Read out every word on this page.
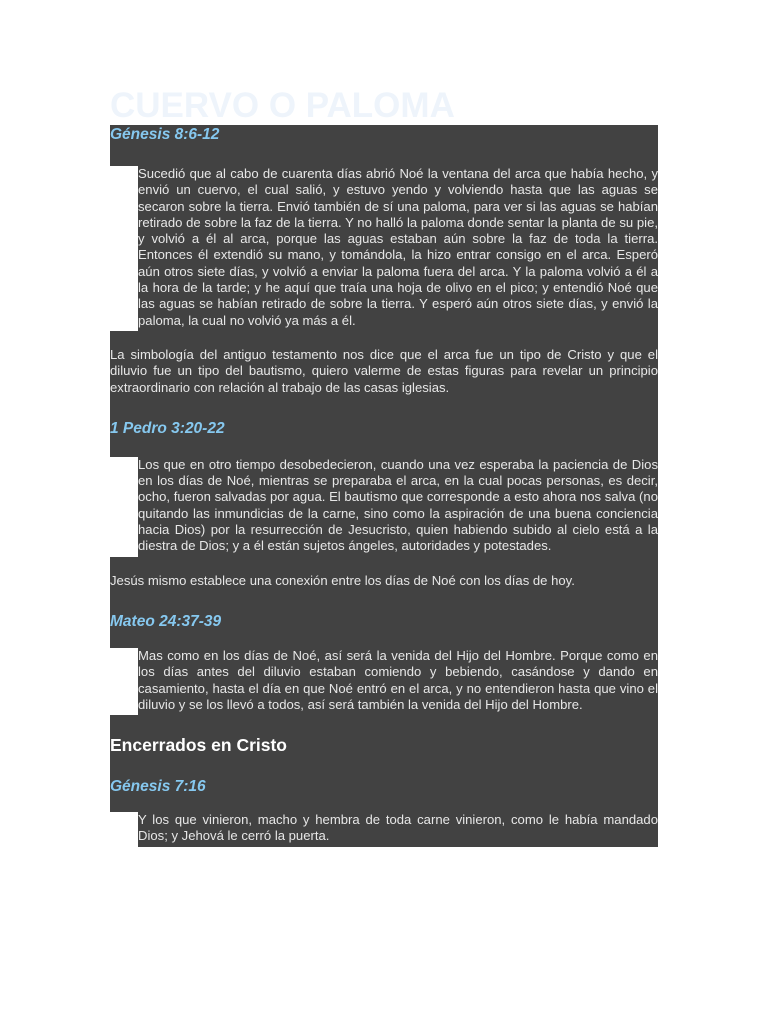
CUERVO O PALOMA

Génesis 8:6-12

Sucedió que al cabo de cuarenta días abrió Noé la ventana del arca que había hecho, y envió un cuervo, el cual salió, y estuvo yendo y volviendo hasta que las aguas se secaron sobre la tierra. Envió también de sí una paloma, para ver si las aguas se habían retirado de sobre la faz de la tierra. Y no halló la paloma donde sentar la planta de su pie, y volvió a él al arca, porque las aguas estaban aún sobre la faz de toda la tierra. Entonces él extendió su mano, y tomándola, la hizo entrar consigo en el arca. Esperó aún otros siete días, y volvió a enviar la paloma fuera del arca. Y la paloma volvió a él a la hora de la tarde; y he aquí que traía una hoja de olivo en el pico; y entendió Noé que las aguas se habían retirado de sobre la tierra. Y esperó aún otros siete días, y envió la paloma, la cual no volvió ya más a él.

La simbología del antiguo testamento nos dice que el arca fue un tipo de Cristo y que el diluvio fue un tipo del bautismo, quiero valerme de estas figuras para revelar un principio extraordinario con relación al trabajo de las casas iglesias.

1 Pedro 3:20-22

Los que en otro tiempo desobedecieron, cuando una vez esperaba la paciencia de Dios en los días de Noé, mientras se preparaba el arca, en la cual pocas personas, es decir, ocho, fueron salvadas por agua. El bautismo que corresponde a esto ahora nos salva (no quitando las inmundicias de la carne, sino como la aspiración de una buena conciencia hacia Dios) por la resurrección de Jesucristo, quien habiendo subido al cielo está a la diestra de Dios; y a él están sujetos ángeles, autoridades y potestades.

Jesús mismo establece una conexión entre los días de Noé con los días de hoy.

Mateo 24:37-39

Mas como en los días de Noé, así será la venida del Hijo del Hombre. Porque como en los días antes del diluvio estaban comiendo y bebiendo, casándose y dando en casamiento, hasta el día en que Noé entró en el arca, y no entendieron hasta que vino el diluvio y se los llevó a todos, así será también la venida del Hijo del Hombre.

Encerrados en Cristo

Génesis 7:16

Y los que vinieron, macho y hembra de toda carne vinieron, como le había mandado Dios; y Jehová le cerró la puerta.
